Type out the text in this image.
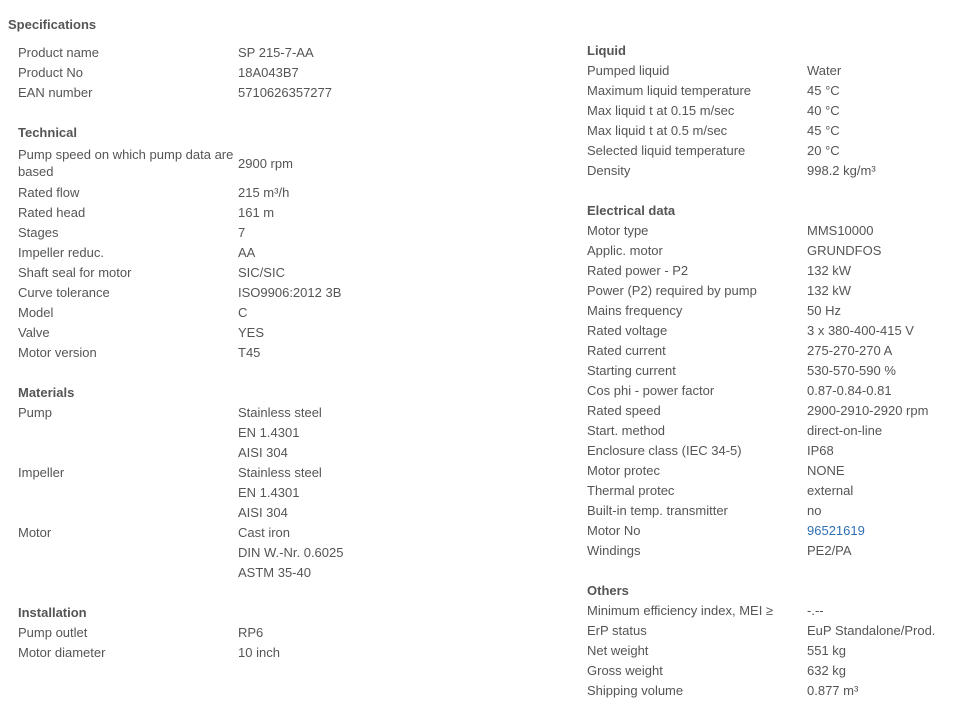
Specifications
Product name	SP 215-7-AA
Product No	18A043B7
EAN number	5710626357277
Technical
Pump speed on which pump data are based
2900 rpm
Rated flow	215 m³/h
Rated head	161 m
Stages	7
Impeller reduc.	AA
Shaft seal for motor	SIC/SIC
Curve tolerance	ISO9906:2012 3B
Model	C
Valve	YES
Motor version	T45
Materials
Pump	Stainless steel
EN 1.4301
AISI 304
Impeller	Stainless steel
EN 1.4301
AISI 304
Motor	Cast iron
DIN W.-Nr. 0.6025
ASTM 35-40
Installation
Pump outlet	RP6
Motor diameter	10 inch
Liquid
Pumped liquid	Water
Maximum liquid temperature	45 °C
Max liquid t at 0.15 m/sec	40 °C
Max liquid t at 0.5 m/sec	45 °C
Selected liquid temperature	20 °C
Density	998.2 kg/m³
Electrical data
Motor type	MMS10000
Applic. motor	GRUNDFOS
Rated power - P2	132 kW
Power (P2) required by pump	132 kW
Mains frequency	50 Hz
Rated voltage	3 x 380-400-415 V
Rated current	275-270-270 A
Starting current	530-570-590 %
Cos phi - power factor	0.87-0.84-0.81
Rated speed	2900-2910-2920 rpm
Start. method	direct-on-line
Enclosure class (IEC 34-5)	IP68
Motor protec	NONE
Thermal protec	external
Built-in temp. transmitter	no
Motor No	96521619
Windings	PE2/PA
Others
Minimum efficiency index, MEI ≥	-.--
ErP status	EuP Standalone/Prod.
Net weight	551 kg
Gross weight	632 kg
Shipping volume	0.877 m³
